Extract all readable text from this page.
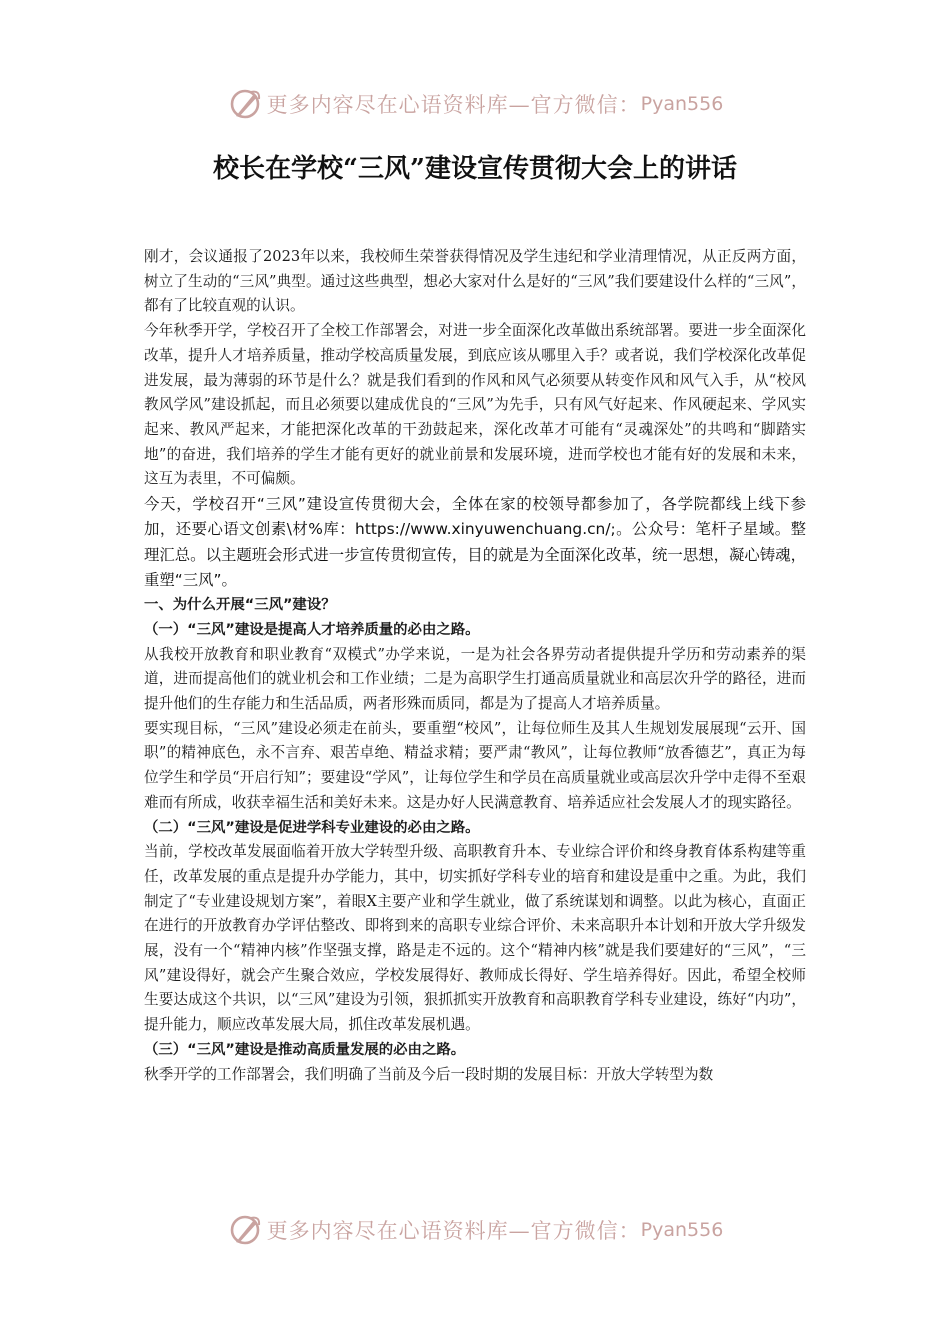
更多内容尽在心语资料库—官方微信： Pyan556
校长在学校“三风”建设宣传贯彻大会上的讲话

刚才，会议通报了2023年以来，我校师生荣誉获得情况及学生违纪和学业清理情况，从正反两方面，树立了生动的“三风”典型。通过这些典型，想必大家对什么是好的“三风”我们要建设什么样的“三风”，都有了比较直观的认识。

今年秋季开学，学校召开了全校工作部署会，对进一步全面深化改革做出系统部署。要进一步全面深化改革，提升人才培养质量，推动学校高质量发展，到底应该从哪里入手？或者说，我们学校深化改革促进发展，最为薄弱的环节是什么？就是我们看到的作风和风气必须要从转变作风和风气入手，从“校风教风学风”建设抓起，而且必须要以建成优良的“三风”为先手，只有风气好起来、作风硬起来、学风实起来、教风严起来，才能把深化改革的干劲鼓起来，深化改革才可能有“灵魂深处”的共鸣和“脚踏实地”的奋进，我们培养的学生才能有更好的就业前景和发展环境，进而学校也才能有好的发展和未来，这互为表里，不可偏颇。

今天，学校召开“三风”建设宣传贯彻大会，全体在家的校领导都参加了，各学院都线上线下参加，还要心语文创素\材%库：https://www.xinyuwenchuang.cn/;。公众号：笔杆子星域。整理汇总。以主题班会形式进一步宣传贯彻宣传，目的就是为全面深化改革，统一思想，凝心铸魂，重塑“三风”。

一、为什么开展“三风”建设？

（一）“三风”建设是提高人才培养质量的必由之路。

从我校开放教育和职业教育“双模式”办学来说，一是为社会各界劳动者提供提升学历和劳动素养的渠道，进而提高他们的就业机会和工作业绩；二是为高职学生打通高质量就业和高层次升学的路径，进而提升他们的生存能力和生活品质，两者形殊而质同，都是为了提高人才培养质量。

要实现目标，“三风”建设必须走在前头，要重塑“校风”，让每位师生及其人生规划发展展现“云开、国职”的精神底色，永不言弃、艰苦卓绝、精益求精；要严肃“教风”，让每位教师“放香德艺”，真正为每位学生和学员“开启行知”；要建设“学风”，让每位学生和学员在高质量就业或高层次升学中走得不至艰难而有所成，收获幸福生活和美好未来。这是办好人民满意教育、培养适应社会发展人才的现实路径。

（二）“三风”建设是促进学科专业建设的必由之路。

当前，学校改革发展面临着开放大学转型升级、高职教育升本、专业综合评价和终身教育体系构建等重任，改革发展的重点是提升办学能力，其中，切实抓好学科专业的培育和建设是重中之重。为此，我们制定了“专业建设规划方案”，着眼X主要产业和学生就业，做了系统谋划和调整。以此为核心，直面正在进行的开放教育办学评估整改、即将到来的高职专业综合评价、未来高职升本计划和开放大学升级发展，没有一个“精神内核”作坚强支撑，路是走不远的。这个“精神内核”就是我们要建好的“三风”，“三风”建设得好，就会产生聚合效应，学校发展得好、教师成长得好、学生培养得好。因此，希望全校师生要达成这个共识，以“三风”建设为引领，狠抓抓实开放教育和高职教育学科专业建设，练好“内功”，提升能力，顺应改革发展大局，抓住改革发展机遇。

（三）“三风”建设是推动高质量发展的必由之路。

秋季开学的工作部署会，我们明确了当前及今后一段时期的发展目标：开放大学转型为数

更多内容尽在心语资料库—官方微信： Pyan556
